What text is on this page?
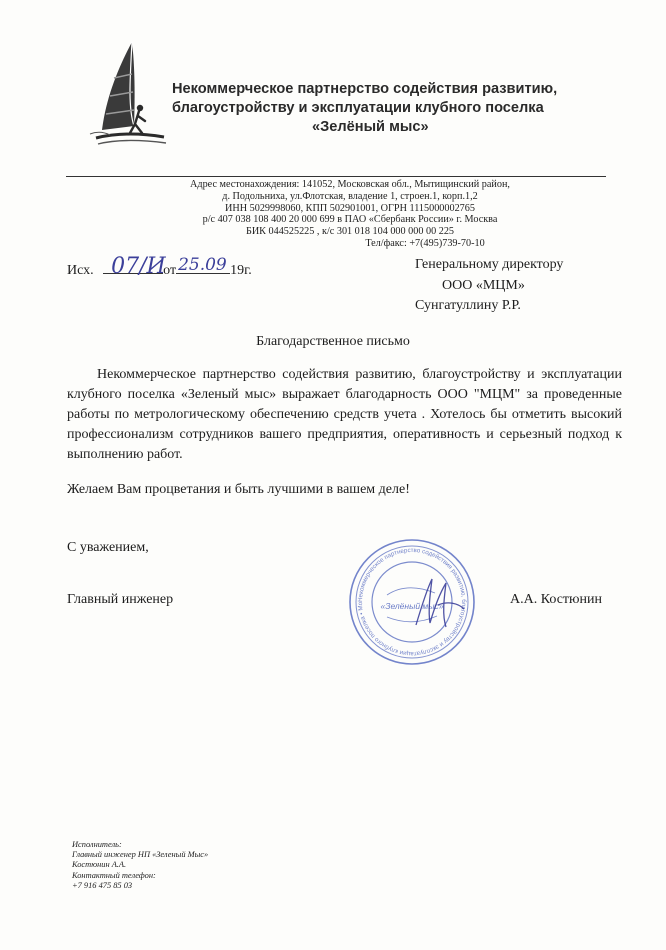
Некоммерческое партнерство содействия развитию,
благоустройству и эксплуатации клубного поселка

«Зелёный мыс»
Адрес местонахождения: 141052, Московская обл., Мытищинский район,
д. Подольниха, ул.Флотская, владение 1, строен.1, корп.1,2
ИНН 5029998060, КПП 502901001, ОГРН 1115000002765
р/с 407 038 108 400 20 000 699 в ПАО «Сбербанк России» г. Москва
БИК 044525225 , к/с 301 018 104 000 000 00 225
Тел/факс: +7(495)739-70-10
Исх. 07/И
от 25.09 19г.	Генеральному директору
ООО «МЦМ»
Сунгатуллину Р.Р.
Благодарственное письмо

Некоммерческое партнерство содействия развитию, благоустройству и эксплуатации клубного поселка «Зеленый мыс» выражает благодарность ООО "МЦМ" за проведенные работы по метрологическому обеспечению средств учета . Хотелось бы отметить высокий профессионализм сотрудников вашего предприятия, оперативность и серьезный подход к выполнению работ.

Желаем Вам процветания и быть лучшими в вашем деле!
С уважением,
Некоммерческое партнерство содействия развитию, благоустройству и эксплуатации клубного поселка • Мо	«Зелёный мыс»
Главный инженер	А.А. Костюнин
Исполнитель:
Главный инженер НП «Зеленый Мыс»
Костюнин А.А.
Контактный телефон:
+7 916 475 85 03
